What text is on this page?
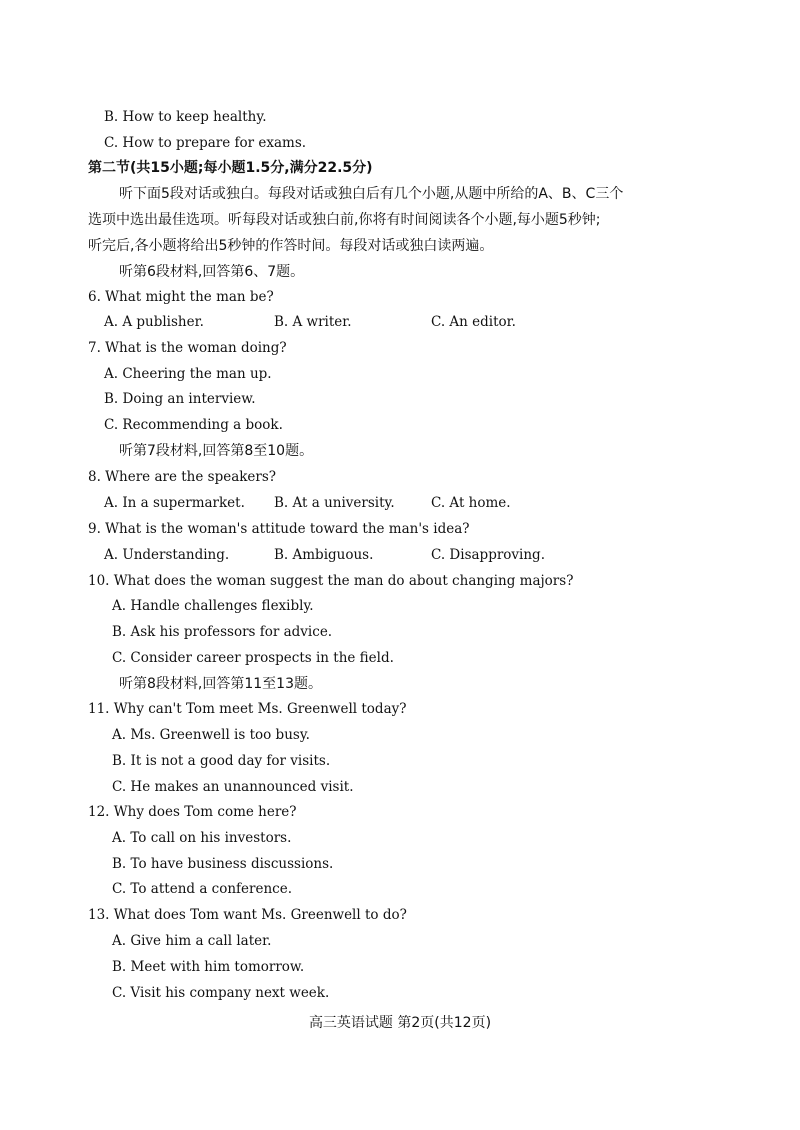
B. How to keep healthy.
C. How to prepare for exams.
第二节(共15小题;每小题1.5分,满分22.5分)
听下面5段对话或独白。每段对话或独白后有几个小题,从题中所给的A、B、C三个
选项中选出最佳选项。听每段对话或独白前,你将有时间阅读各个小题,每小题5秒钟;
听完后,各小题将给出5秒钟的作答时间。每段对话或独白读两遍。
听第6段材料,回答第6、7题。
6. What might the man be?
A. A publisher.	B. A writer.	C. An editor.
7. What is the woman doing?
A. Cheering the man up.
B. Doing an interview.
C. Recommending a book.
听第7段材料,回答第8至10题。
8. Where are the speakers?
A. In a supermarket. B. At a university.	C. At home.
9. What is the woman's attitude toward the man's idea?
A. Understanding.	B. Ambiguous.	C. Disapproving.
10. What does the woman suggest the man do about changing majors?
A. Handle challenges flexibly.
B. Ask his professors for advice.
C. Consider career prospects in the field.
听第8段材料,回答第11至13题。
11. Why can't Tom meet Ms. Greenwell today?
A. Ms. Greenwell is too busy.
B. It is not a good day for visits.
C. He makes an unannounced visit.
12. Why does Tom come here?
A. To call on his investors.
B. To have business discussions.
C. To attend a conference.
13. What does Tom want Ms. Greenwell to do?
A. Give him a call later.
B. Meet with him tomorrow.
C. Visit his company next week.
高三英语试题 第2页(共12页)
